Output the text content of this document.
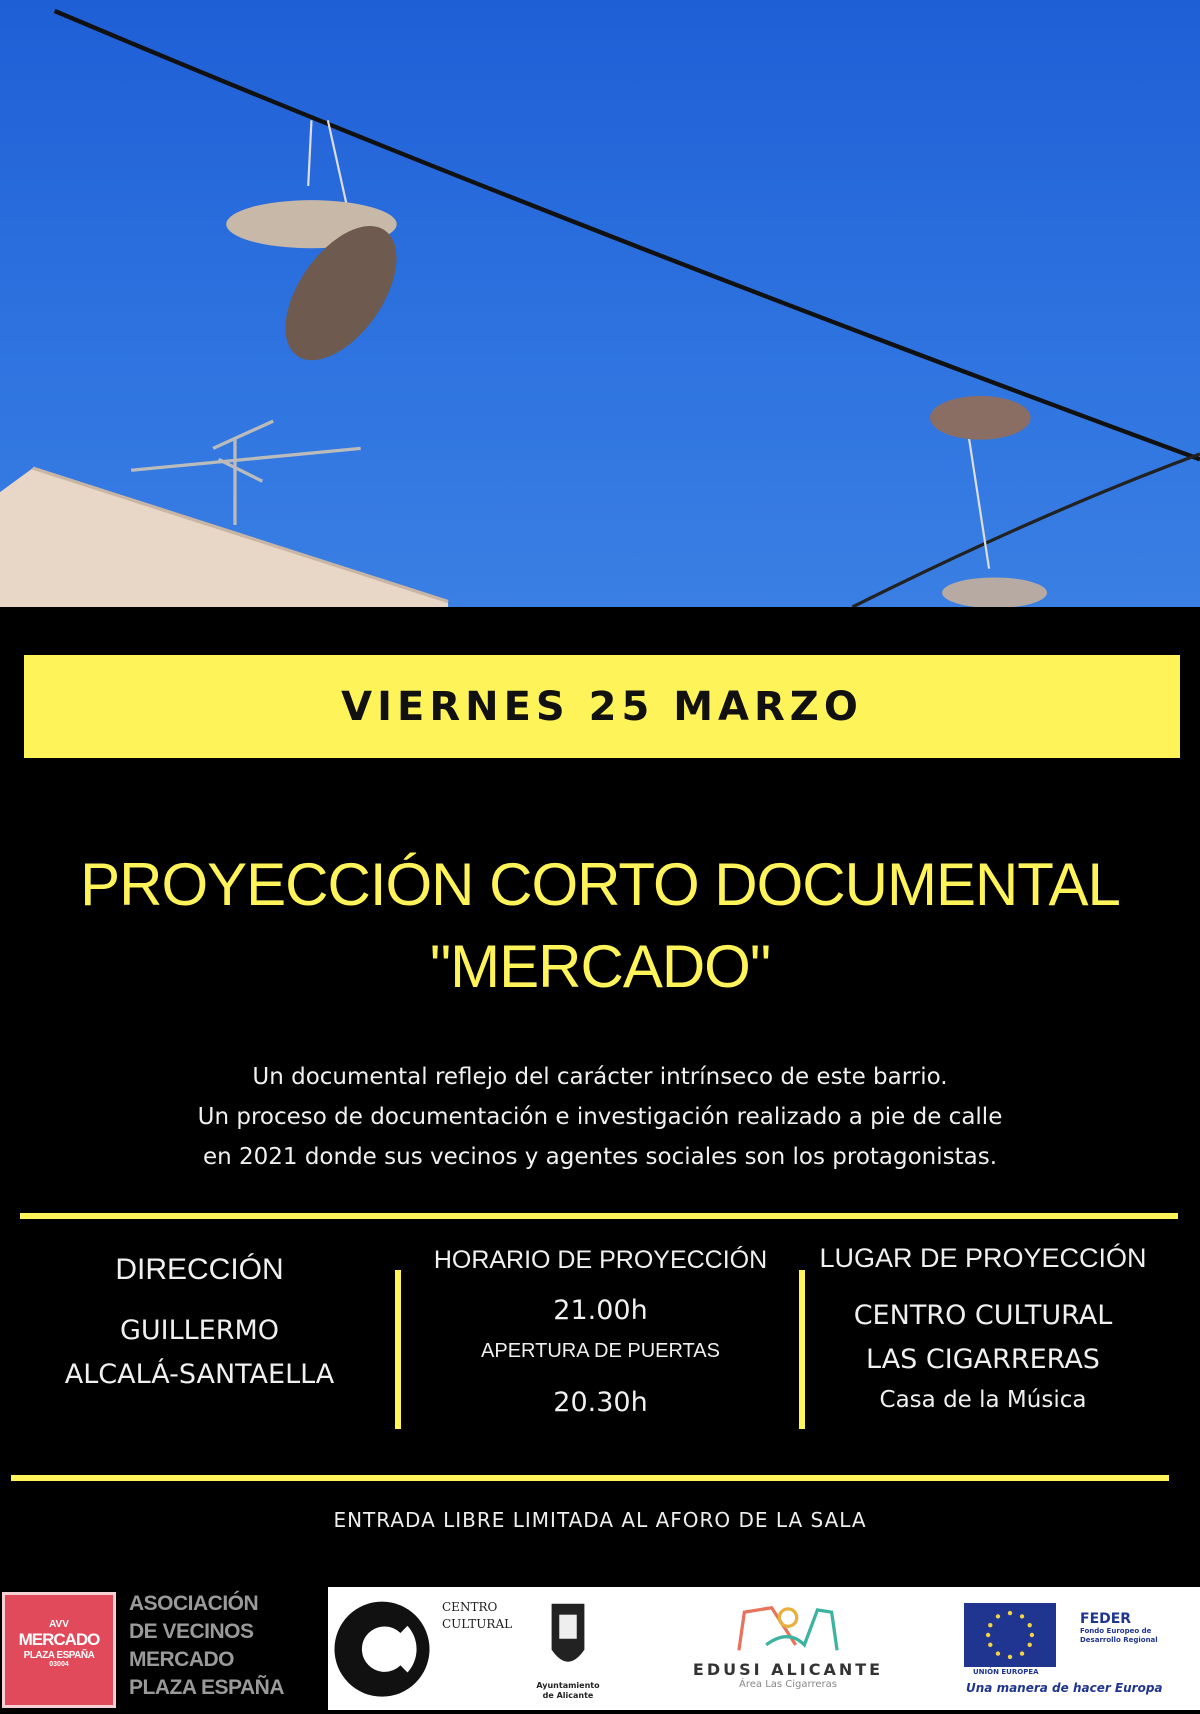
VIERNES 25 MARZO
PROYECCIÓN CORTO DOCUMENTAL
"MERCADO"
Un documental reflejo del carácter intrínseco de este barrio.
Un proceso de documentación e investigación realizado a pie de calle
en 2021 donde sus vecinos y agentes sociales son los protagonistas.
DIRECCIÓN
GUILLERMO
ALCALÁ-SANTAELLA
HORARIO DE PROYECCIÓN
21.00h
APERTURA DE PUERTAS
20.30h
LUGAR DE PROYECCIÓN
CENTRO CULTURAL
LAS CIGARRERAS
Casa de la Música
ENTRADA LIBRE LIMITADA AL AFORO DE LA SALA
AVV
MERCADO
PLAZA ESPAÑA
03004
ASOCIACIÓN
DE VECINOS
MERCADO
PLAZA ESPAÑA
CENTRO
CULTURAL
Ayuntamiento
de Alicante
EDUSI ALICANTE
Área Las Cigarreras
UNIÓN EUROPEA
FEDER
Fondo Europeo de
Desarrollo Regional
Una manera de hacer Europa
